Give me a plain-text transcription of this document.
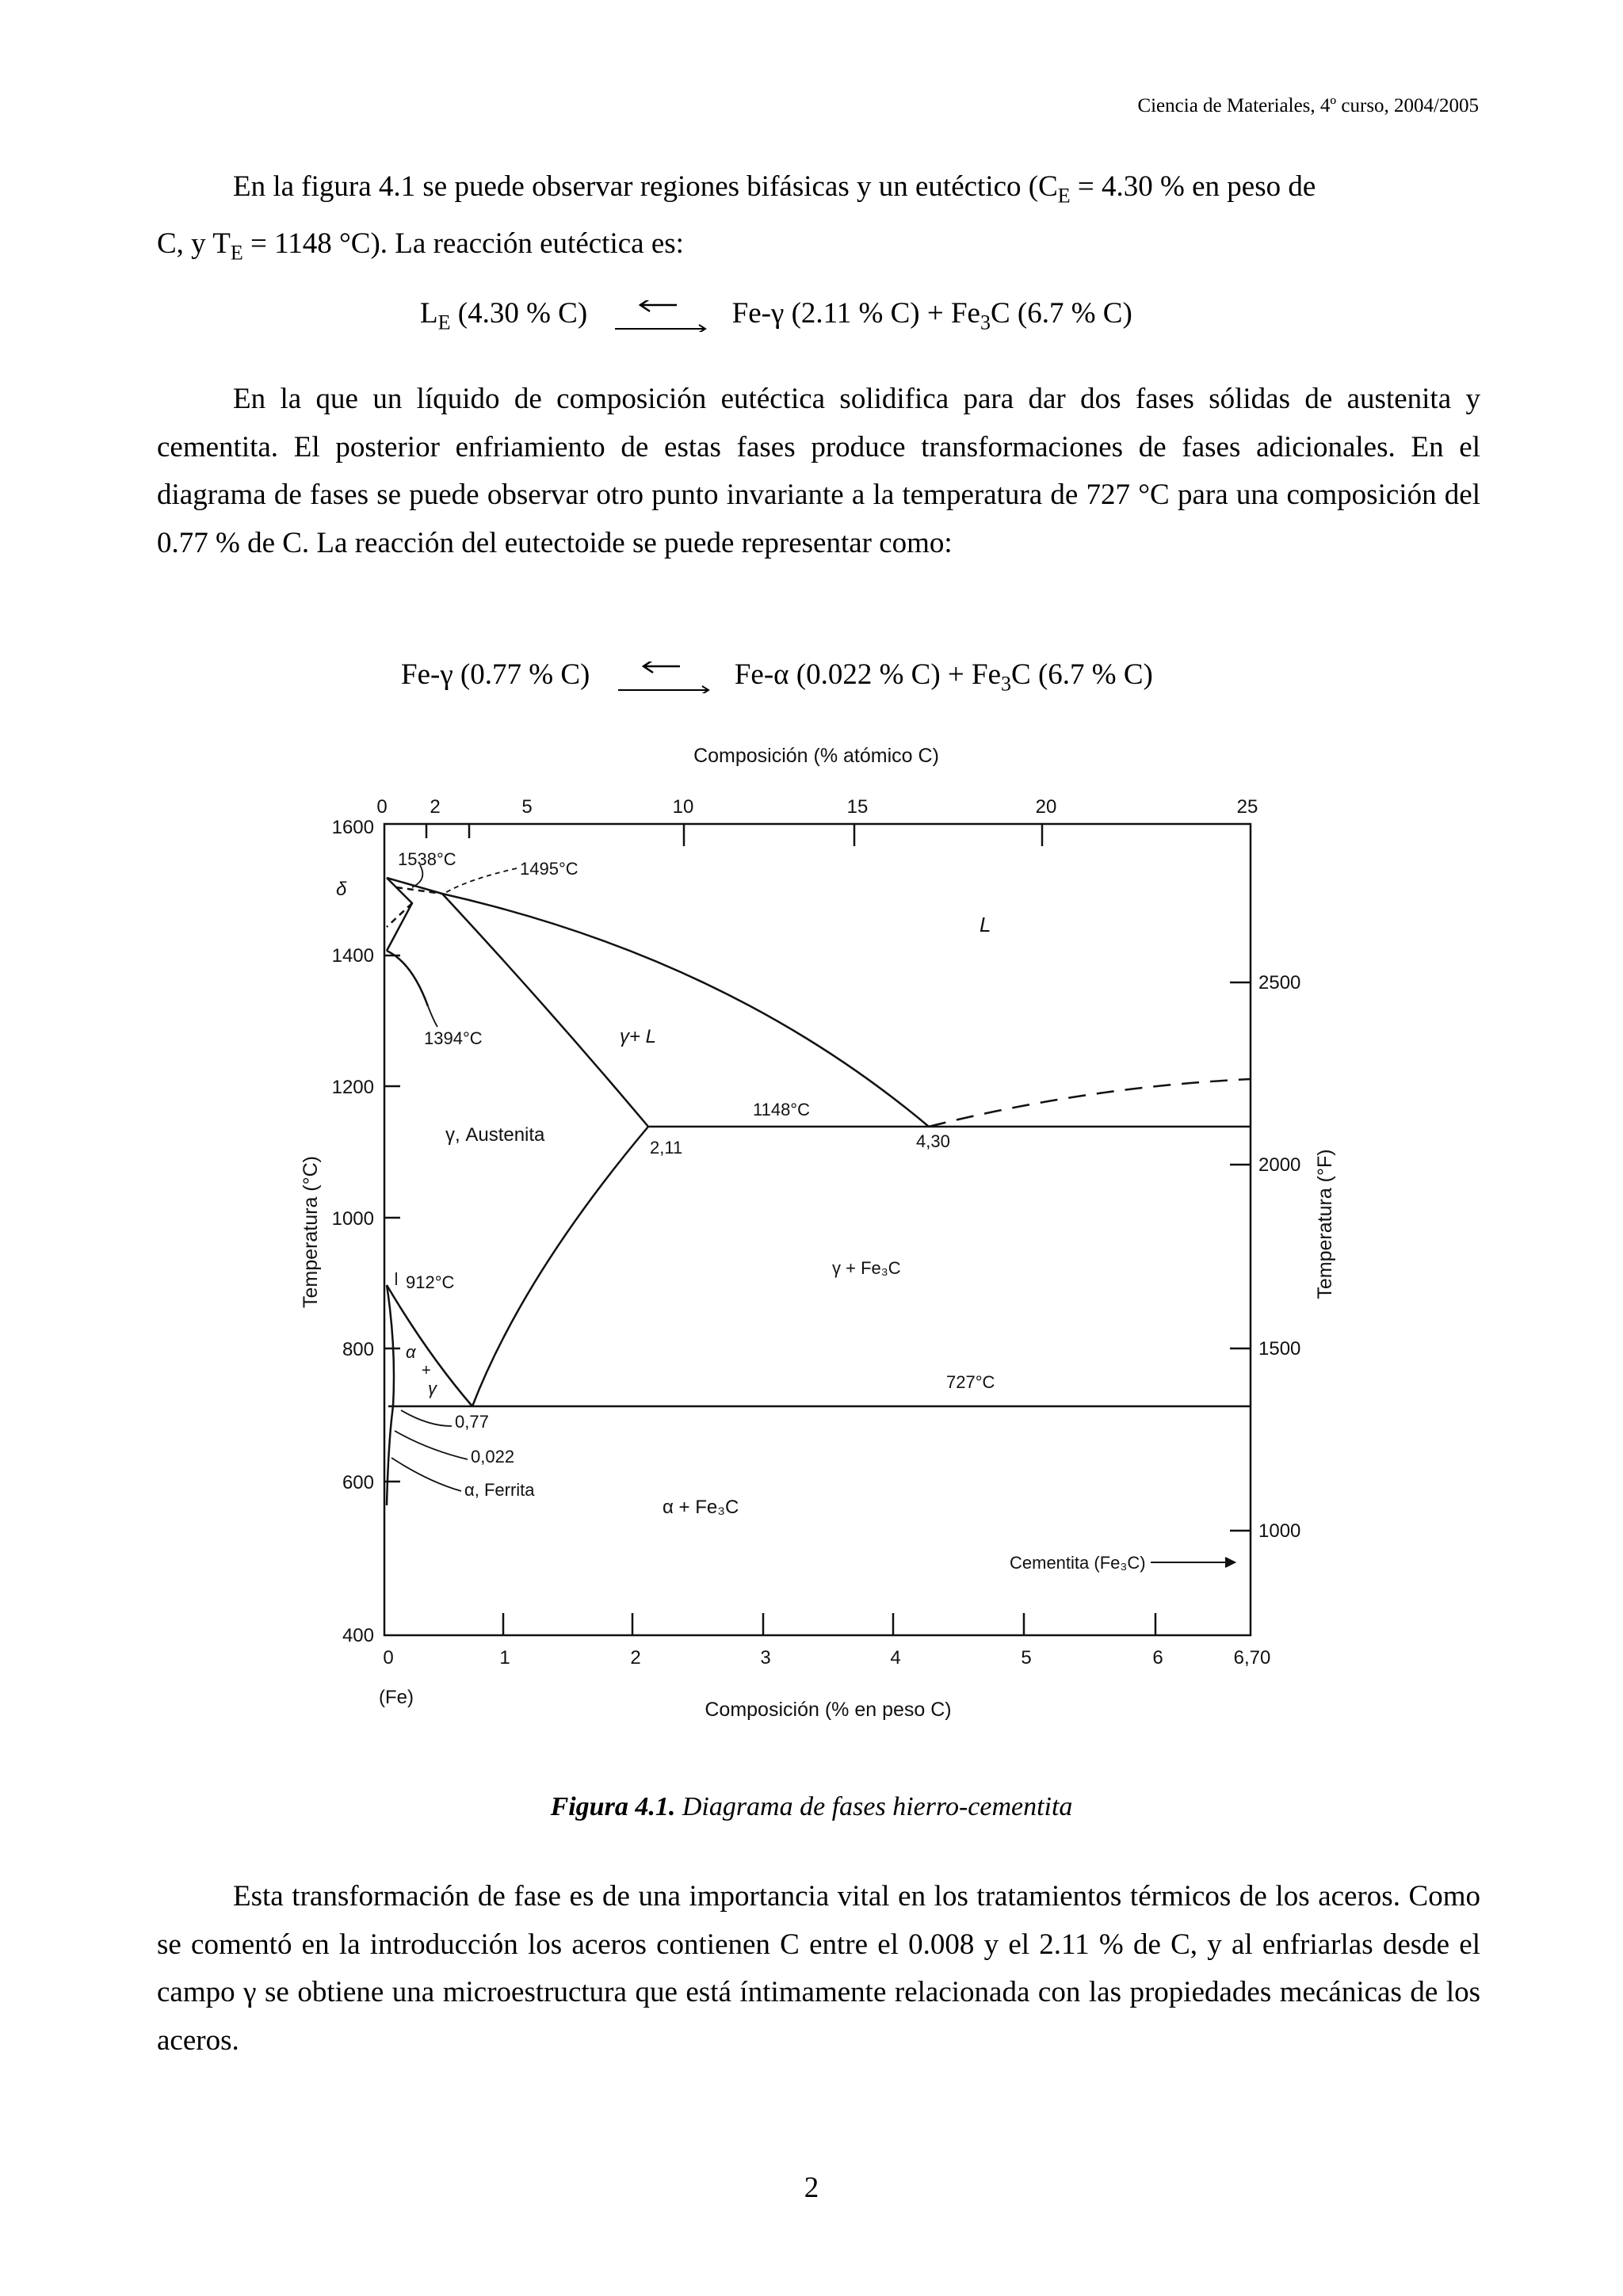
Ciencia de Materiales, 4º curso, 2004/2005
En la figura 4.1 se puede observar regiones bifásicas y un eutéctico ($C_E = 4.30$ % en peso de
C, y $T_E = 1148$ °C). La reacción eutéctica es:
$L_E$ (4.30 % C)	Fe-γ (2.11 % $C) + Fe_3C$ (6.7 % C)
En la que un líquido de composición eutéctica solidifica para dar dos fases sólidas de austenita y cementita. El posterior enfriamiento de estas fases produce transformaciones de fases adicionales. En el diagrama de fases se puede observar otro punto invariante a la temperatura de 727 °C para una composición del 0.77 % de C. La reacción del eutectoide se puede representar como:
Fe-γ (0.77 % C)	Fe-α (0.022 % $C) + Fe_3C$ (6.7 % C)
Composición (% atómico C)
Composición (% en peso C)
Temperatura (°C)	Temperatura (°F)
0 2	5	10	15	20	25
0	1	2	3	4	5	6	6,70
(Fe)
1600
1400
1200
1000
800
600
400
2500
2000
1500
1000
1538°C	1495°C
δ
1394°C
912°C
L
γ+ L
γ, Austenita
1148°C
2,11	4,30
γ + Fe₃C
727°C
α
+
γ
0,77
0,022
α, Ferrita
α + Fe₃C
Cementita (Fe₃C)
Figura 4.1. Diagrama de fases hierro-cementita
Esta transformación de fase es de una importancia vital en los tratamientos térmicos de los aceros. Como se comentó en la introducción los aceros contienen C entre el 0.008 y el 2.11 % de C, y al enfriarlas desde el campo γ se obtiene una microestructura que está íntimamente relacionada con las propiedades mecánicas de los aceros.
2
